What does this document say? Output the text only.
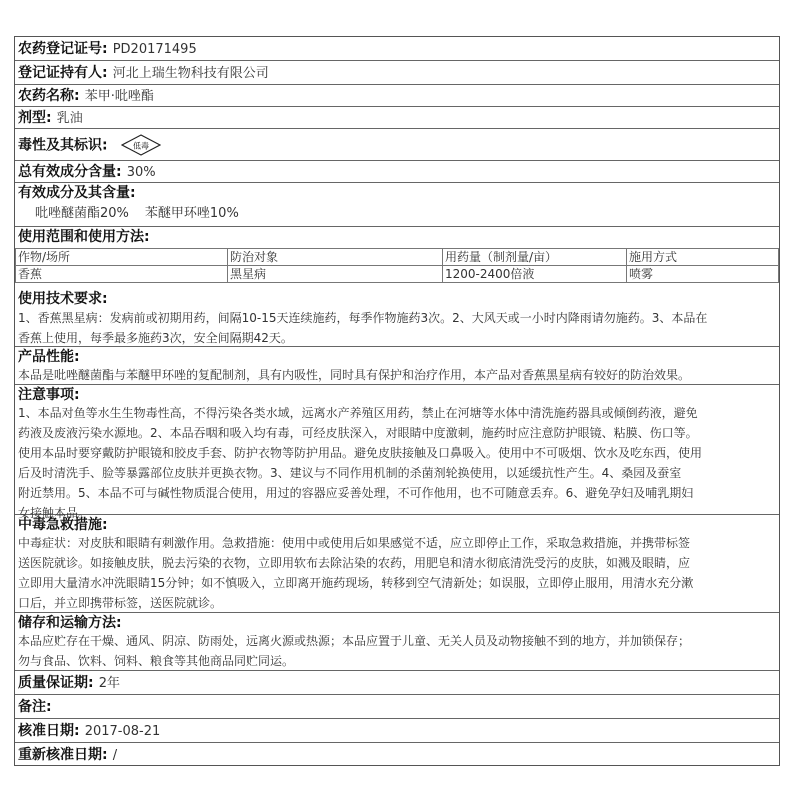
农药登记证号: PD20171495
登记证持有人: 河北上瑞生物科技有限公司
农药名称: 苯甲·吡唑酯
剂型: 乳油
毒性及其标识:	低毒
总有效成分含量: 30%
有效成分及其含量:
吡唑醚菌酯20% 苯醚甲环唑10%
使用范围和使用方法:
作物/场所	防治对象	用药量（制剂量/亩）	施用方式
香蕉	黑星病	1200-2400倍液	喷雾
使用技术要求:
1、香蕉黑星病：发病前或初期用药，间隔10-15天连续施药，每季作物施药3次。2、大风天或一小时内降雨请勿施药。3、本品在
香蕉上使用，每季最多施药3次，安全间隔期42天。
产品性能:
本品是吡唑醚菌酯与苯醚甲环唑的复配制剂，具有内吸性，同时具有保护和治疗作用，本产品对香蕉黑星病有较好的防治效果。
注意事项:
1、本品对鱼等水生生物毒性高，不得污染各类水域，远离水产养殖区用药，禁止在河塘等水体中清洗施药器具或倾倒药液，避免
药液及废液污染水源地。2、本品吞咽和吸入均有毒，可经皮肤深入，对眼睛中度激刺，施药时应注意防护眼镜、粘膜、伤口等。
使用本品时要穿戴防护眼镜和胶皮手套、防护衣物等防护用品。避免皮肤接触及口鼻吸入。使用中不可吸烟、饮水及吃东西，使用
后及时清洗手、脸等暴露部位皮肤并更换衣物。3、建议与不同作用机制的杀菌剂轮换使用，以延缓抗性产生。4、桑园及蚕室
附近禁用。5、本品不可与碱性物质混合使用，用过的容器应妥善处理，不可作他用，也不可随意丢弃。6、避免孕妇及哺乳期妇
女接触本品。
中毒急救措施:
中毒症状：对皮肤和眼睛有刺激作用。急救措施：使用中或使用后如果感觉不适，应立即停止工作，采取急救措施，并携带标签
送医院就诊。如接触皮肤，脱去污染的衣物，立即用软布去除沾染的农药，用肥皂和清水彻底清洗受污的皮肤，如溅及眼睛，应
立即用大量清水冲洗眼睛15分钟；如不慎吸入，立即离开施药现场，转移到空气清新处；如误服，立即停止服用，用清水充分漱
口后，并立即携带标签，送医院就诊。
储存和运输方法:
本品应贮存在干燥、通风、阴凉、防雨处，远离火源或热源；本品应置于儿童、无关人员及动物接触不到的地方，并加锁保存；
勿与食品、饮料、饲料、粮食等其他商品同贮同运。
质量保证期: 2年
备注:
核准日期: 2017-08-21
重新核准日期: /
